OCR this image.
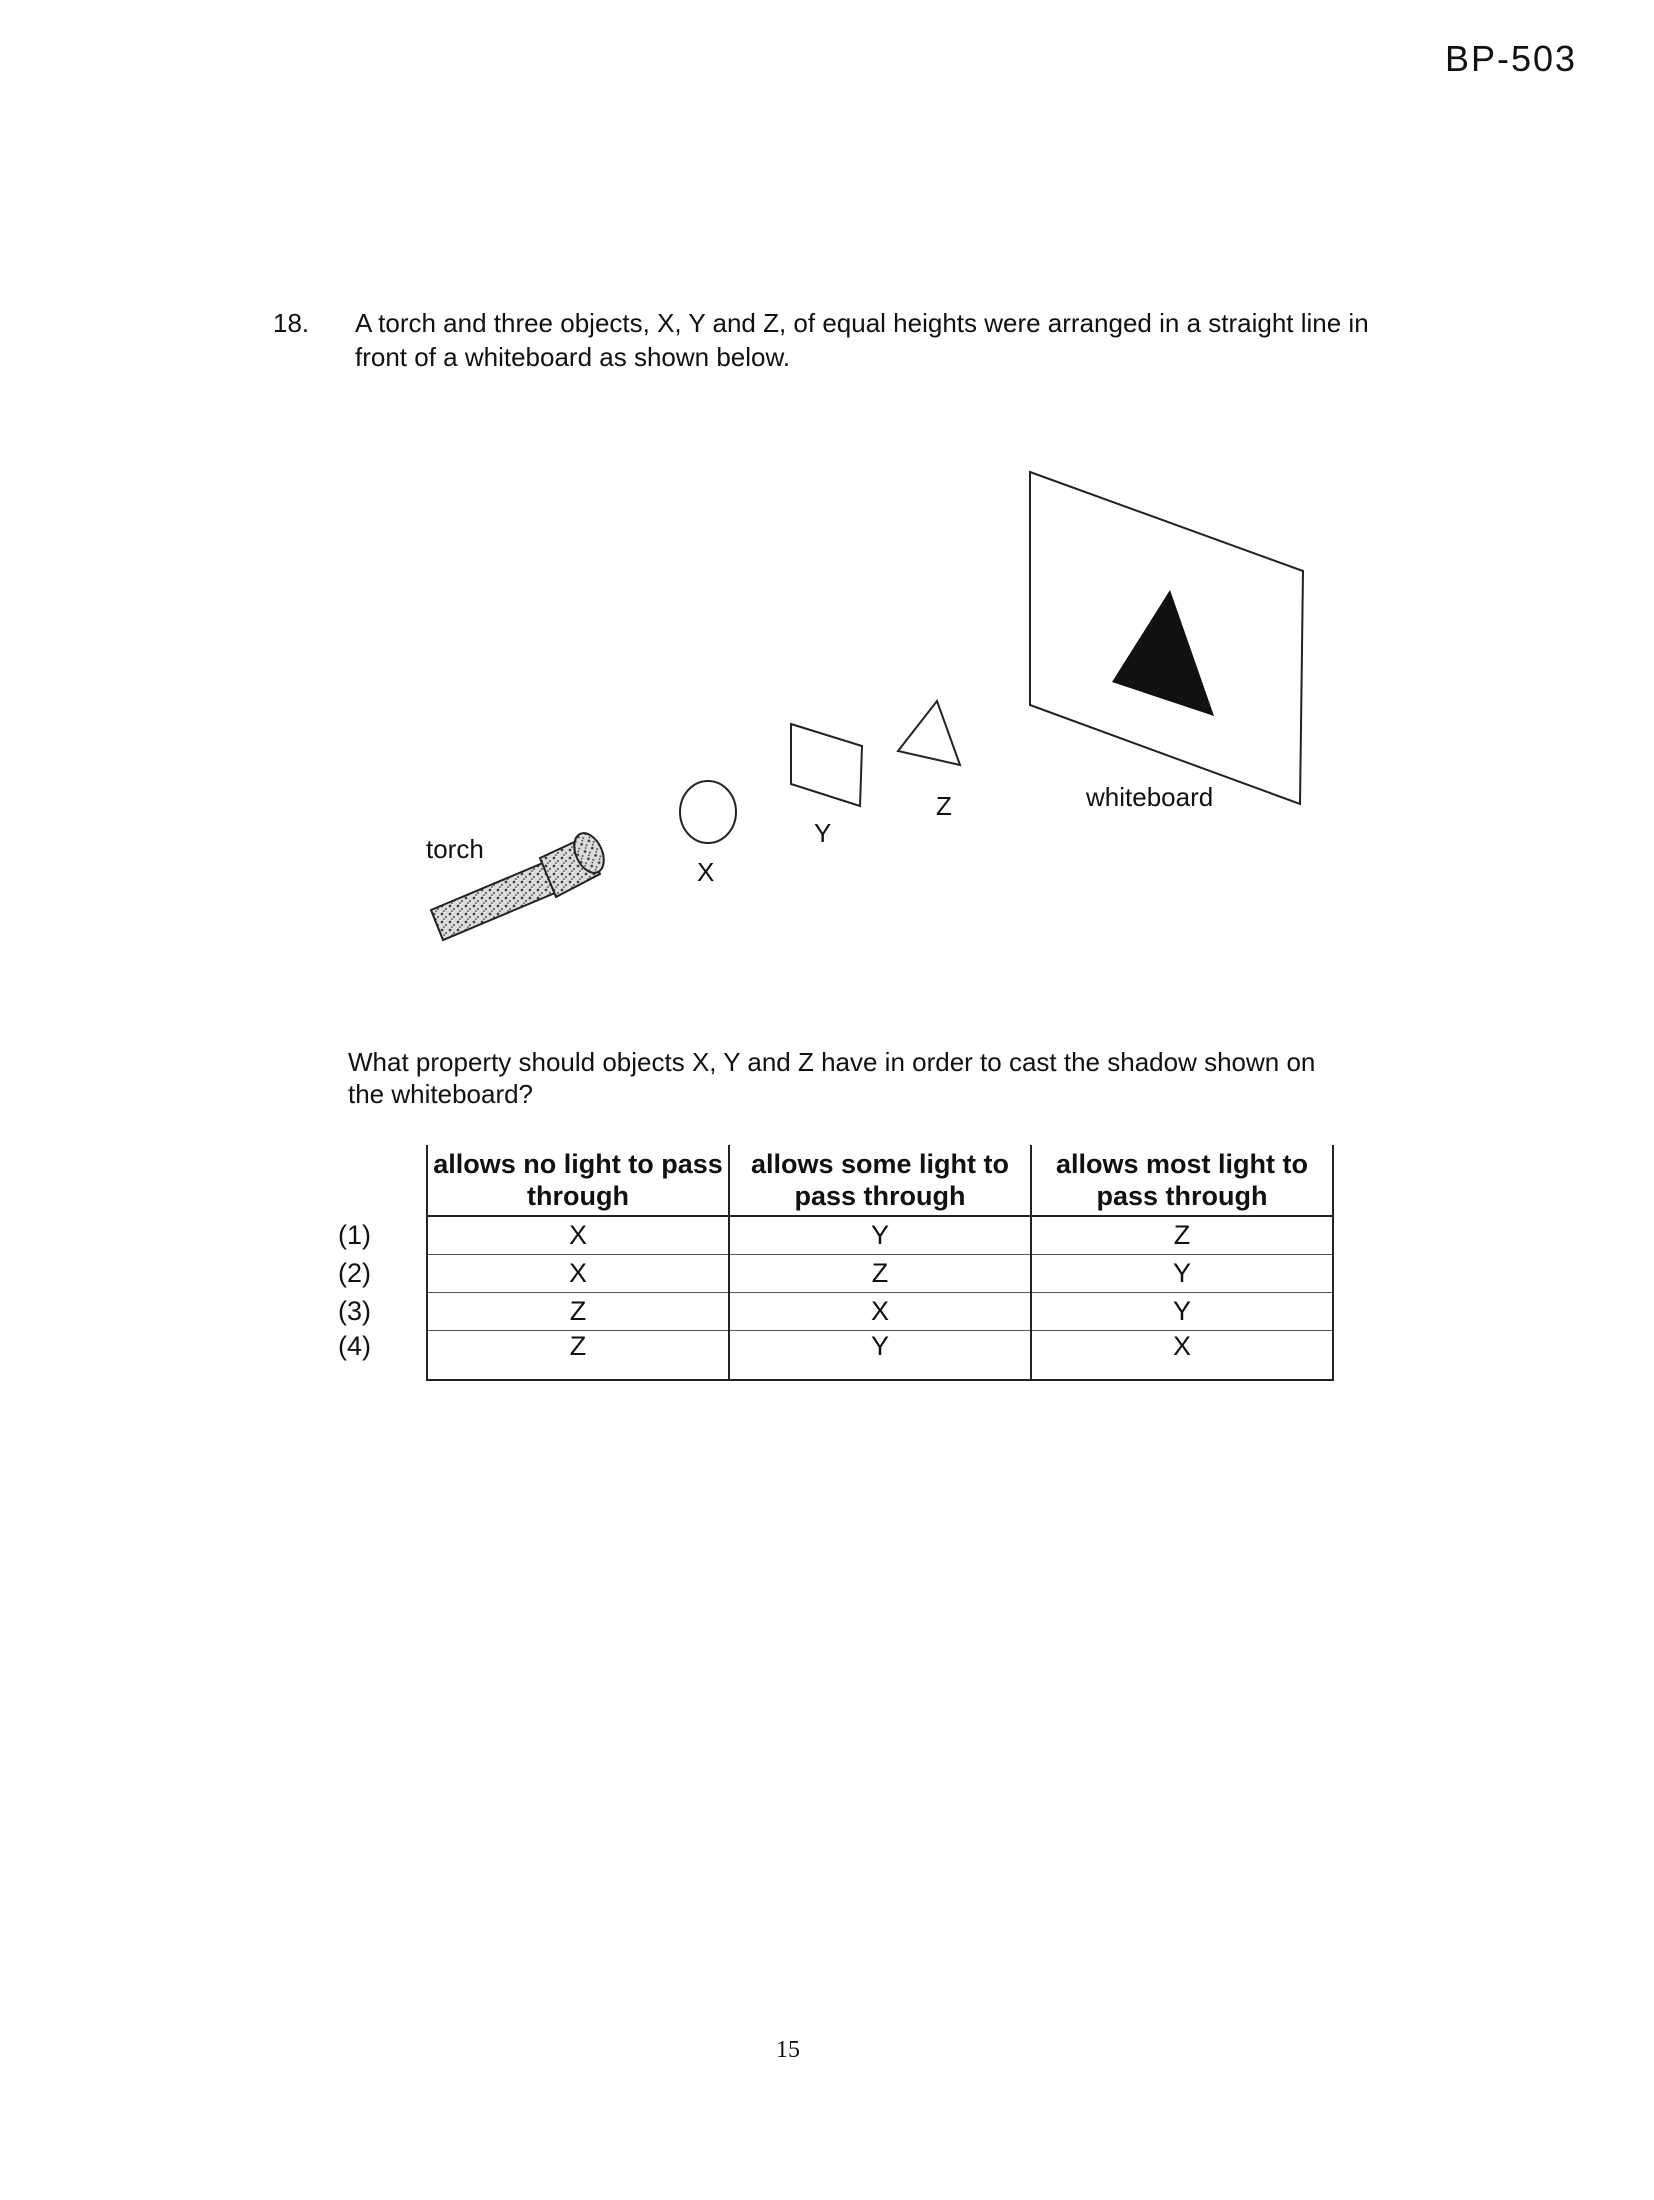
BP-503
18. A torch and three objects, X, Y and Z, of equal heights were arranged in a straight line in front of a whiteboard as shown below.
torch
X
Y
Z	whiteboard
What property should objects X, Y and Z have in order to cast the shadow shown on the whiteboard?
	allows no light to pass through	allows some light to pass through	allows most light to pass through
(1)	X	Y	Z
(2)	X	Z	Y
(3)	Z	X	Y
(4)	Z	Y	X
15
